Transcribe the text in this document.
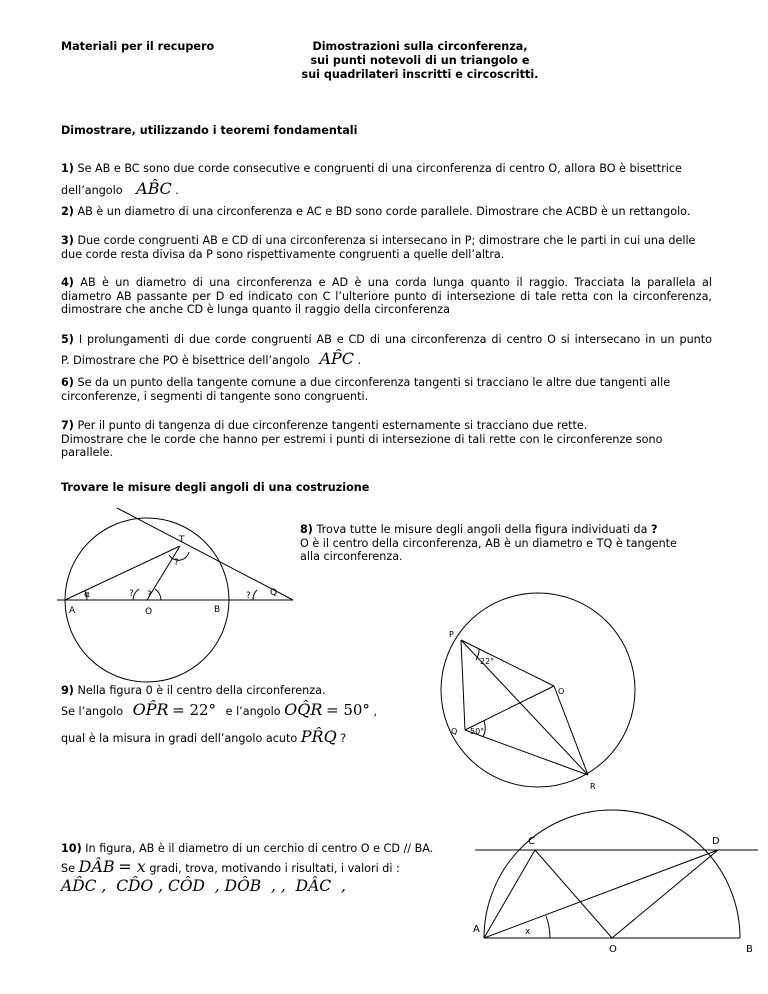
Materiali per il recupero	Dimostrazioni sulla circonferenza,
sui punti notevoli di un triangolo e
sui quadrilateri inscritti e circoscritti.
Dimostrare, utilizzando i teoremi fondamentali
1) Se AB e BC sono due corde consecutive e congruenti di una circonferenza di centro O, allora BO è bisettrice
dell’angolo AB̂C .
2) AB è un diametro di una circonferenza e AC e BD sono corde parallele. Dimostrare che ACBD è un rettangolo.
3) Due corde congruenti AB e CD di una circonferenza si intersecano in P; dimostrare che le parti in cui una delle
due corde resta divisa da P sono rispettivamente congruenti a quelle dell’altra.
4) AB è un diametro di una circonferenza e AD è una corda lunga quanto il raggio. Tracciata la parallela al
diametro AB passante per D ed indicato con C l’ulteriore punto di intersezione di tale retta con la circonferenza,
dimostrare che anche CD è lunga quanto il raggio della circonferenza
5) I prolungamenti di due corde congruenti AB e CD di una circonferenza di centro O si intersecano in un punto
P. Dimostrare che PO è bisettrice dell’angolo AP̂C .
6) Se da un punto della tangente comune a due circonferenza tangenti si tracciano le altre due tangenti alle
circonferenze, i segmenti di tangente sono congruenti.
7) Per il punto di tangenza di due circonferenze tangenti esternamente si tracciano due rette.
Dimostrare che le corde che hanno per estremi i punti di intersezione di tali rette con le circonferenze sono
parallele.
Trovare le misure degli angoli di una costruzione
8) Trova tutte le misure degli angoli della figura individuati da ?
O è il centro della circonferenza, AB è un diametro e TQ è tangente
alla circonferenza.
T
?
α	? ?	? Q
A	O	B
P
22°
O
Q 50°
R
9) Nella figura 0 è il centro della circonferenza.
Se l’angolo OP̂R = 22° e l’angolo OQ̂R = 50° ,
qual è la misura in gradi dell’angolo acuto PR̂Q ?
10) In figura, AB è il diametro di un cerchio di centro O e CD // BA.
Se DÂB = x gradi, trova, motivando i risultati, i valori di :
AD̂C ,  CD̂O , CÔD  , DÔB  , ,  DÂC  ,
C	D
A	x
O	B
